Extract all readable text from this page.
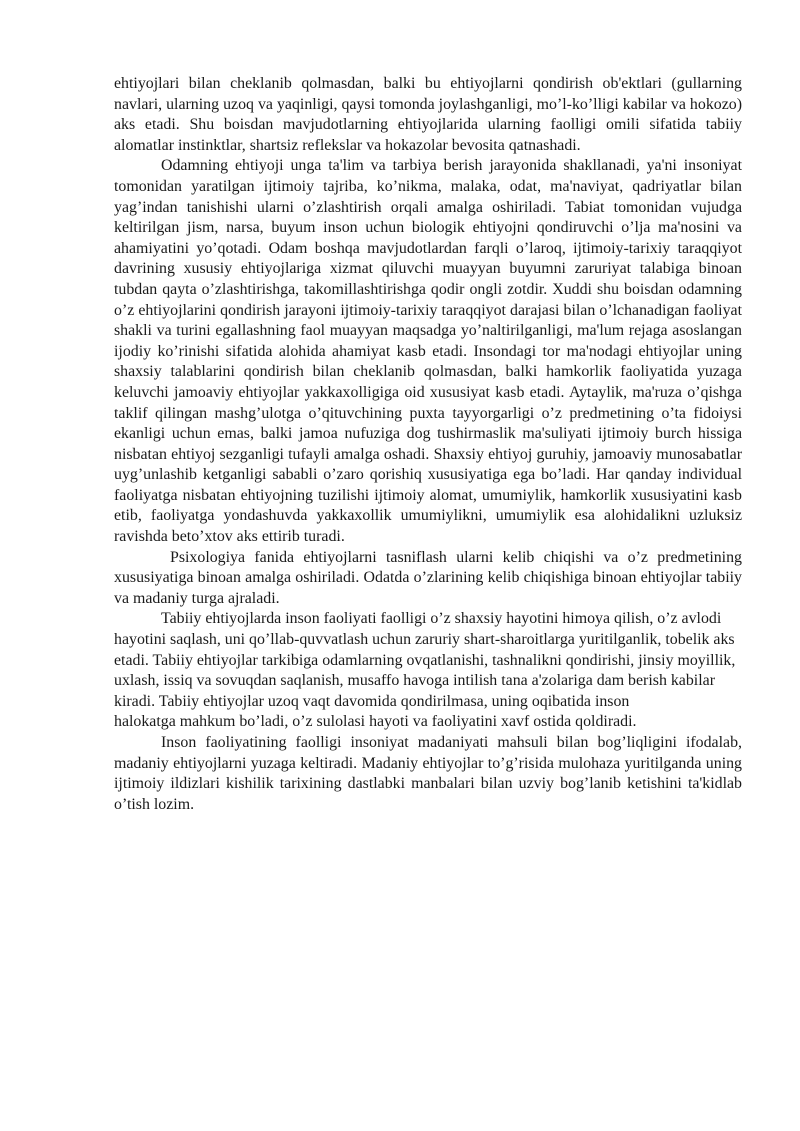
ehtiyojlari bilan cheklanib qolmasdan, balki bu ehtiyojlarni qondirish ob'ektlari (gullarning navlari, ularning uzoq va yaqinligi, qaysi tomonda joylashganligi, mo’l-ko’lligi kabilar va hokozo) aks etadi. Shu boisdan mavjudotlarning ehtiyojlarida ularning faolligi omili sifatida tabiiy alomatlar instinktlar, shartsiz reflekslar va hokazolar bevosita qatnashadi.

Odamning ehtiyoji unga ta'lim va tarbiya berish jarayonida shakllanadi, ya'ni insoniyat tomonidan yaratilgan ijtimoiy tajriba, ko’nikma, malaka, odat, ma'naviyat, qadriyatlar bilan yag’indan tanishishi ularni o’zlashtirish orqali amalga oshiriladi. Tabiat tomonidan vujudga keltirilgan jism, narsa, buyum inson uchun biologik ehtiyojni qondiruvchi o’lja ma'nosini va ahamiyatini yo’qotadi. Odam boshqa mavjudotlardan farqli o’laroq, ijtimoiy-tarixiy taraqqiyot davrining xususiy ehtiyojlariga xizmat qiluvchi muayyan buyumni zaruriyat talabiga binoan tubdan qayta o’zlashtirishga, takomillashtirishga qodir ongli zotdir. Xuddi shu boisdan odamning o’z ehtiyojlarini qondirish jarayoni ijtimoiy-tarixiy taraqqiyot darajasi bilan o’lchanadigan faoliyat shakli va turini egallashning faol muayyan maqsadga yo’naltirilganligi, ma'lum rejaga asoslangan ijodiy ko’rinishi sifatida alohida ahamiyat kasb etadi. Insondagi tor ma'nodagi ehtiyojlar uning shaxsiy talablarini qondirish bilan cheklanib qolmasdan, balki hamkorlik faoliyatida yuzaga keluvchi jamoaviy ehtiyojlar yakkaxolligiga oid xususiyat kasb etadi. Aytaylik, ma'ruza o’qishga taklif qilingan mashg’ulotga o’qituvchining puxta tayyorgarligi o’z predmetining o’ta fidoiysi ekanligi uchun emas, balki jamoa nufuziga dog tushirmaslik ma'suliyati ijtimoiy burch hissiga nisbatan ehtiyoj sezganligi tufayli amalga oshadi. Shaxsiy ehtiyoj guruhiy, jamoaviy munosabatlar uyg’unlashib ketganligi sababli o’zaro qorishiq xususiyatiga ega bo’ladi. Har qanday individual faoliyatga nisbatan ehtiyojning tuzilishi ijtimoiy alomat, umumiylik, hamkorlik xususiyatini kasb etib, faoliyatga yondashuvda yakkaxollik umumiylikni, umumiylik esa alohidalikni uzluksiz ravishda beto’xtov aks ettirib turadi.

Psixologiya fanida ehtiyojlarni tasniflash ularni kelib chiqishi va o’z predmetining xususiyatiga binoan amalga oshiriladi. Odatda o’zlarining kelib chiqishiga binoan ehtiyojlar tabiiy va madaniy turga ajraladi.

Tabiiy ehtiyojlarda inson faoliyati faolligi o’z shaxsiy hayotini himoya qilish, o’z avlodi hayotini saqlash, uni qo’llab-quvvatlash uchun zaruriy shart-sharoitlarga yuritilganlik, tobelik aks etadi. Tabiiy ehtiyojlar tarkibiga odamlarning ovqatlanishi, tashnalikni qondirishi, jinsiy moyillik, uxlash, issiq va sovuqdan saqlanish, musaffo havoga intilish tana a'zolariga dam berish kabilar kiradi. Tabiiy ehtiyojlar uzoq vaqt davomida qondirilmasa, uning oqibatida inson

halokatga mahkum bo’ladi, o’z sulolasi hayoti va faoliyatini xavf ostida qoldiradi.

Inson faoliyatining faolligi insoniyat madaniyati mahsuli bilan bog’liqligini ifodalab, madaniy ehtiyojlarni yuzaga keltiradi. Madaniy ehtiyojlar to’g’risida mulohaza yuritilganda uning ijtimoiy ildizlari kishilik tarixining dastlabki manbalari bilan uzviy bog’lanib ketishini ta'kidlab o’tish lozim.
